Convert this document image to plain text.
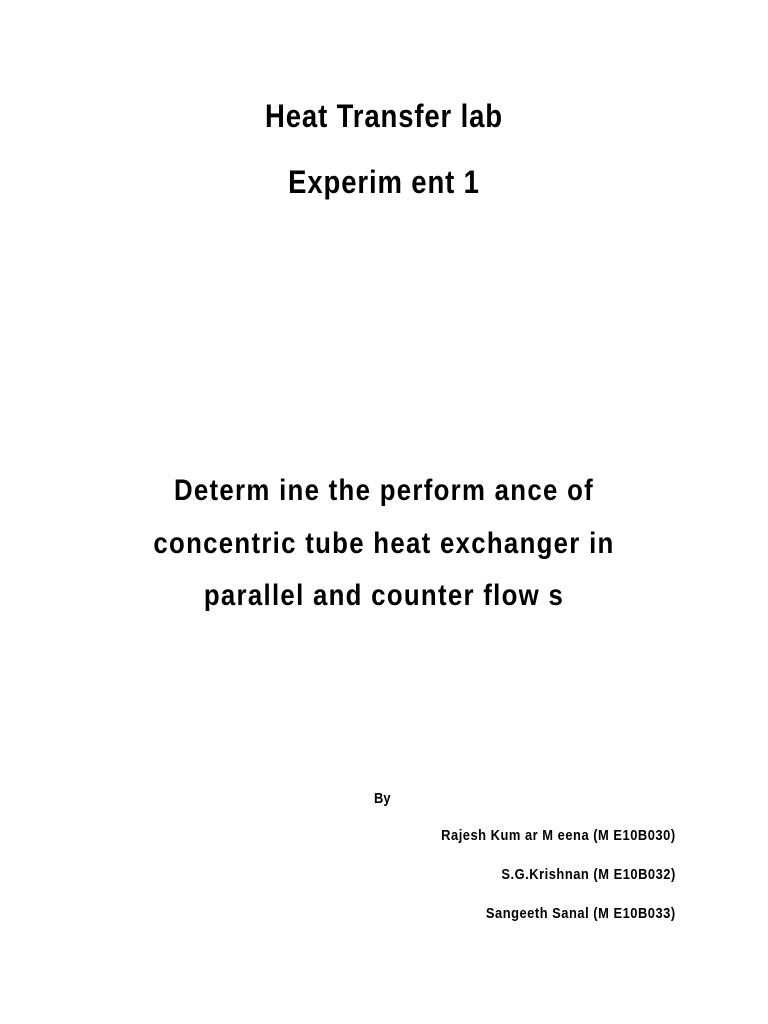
Heat Transfer lab
Experim ent 1
Determ ine the perform ance of
concentric tube heat exchanger in
parallel and counter flow s
By
Rajesh Kum ar M eena (M E10B030)
S.G.Krishnan (M E10B032)
Sangeeth Sanal (M E10B033)
